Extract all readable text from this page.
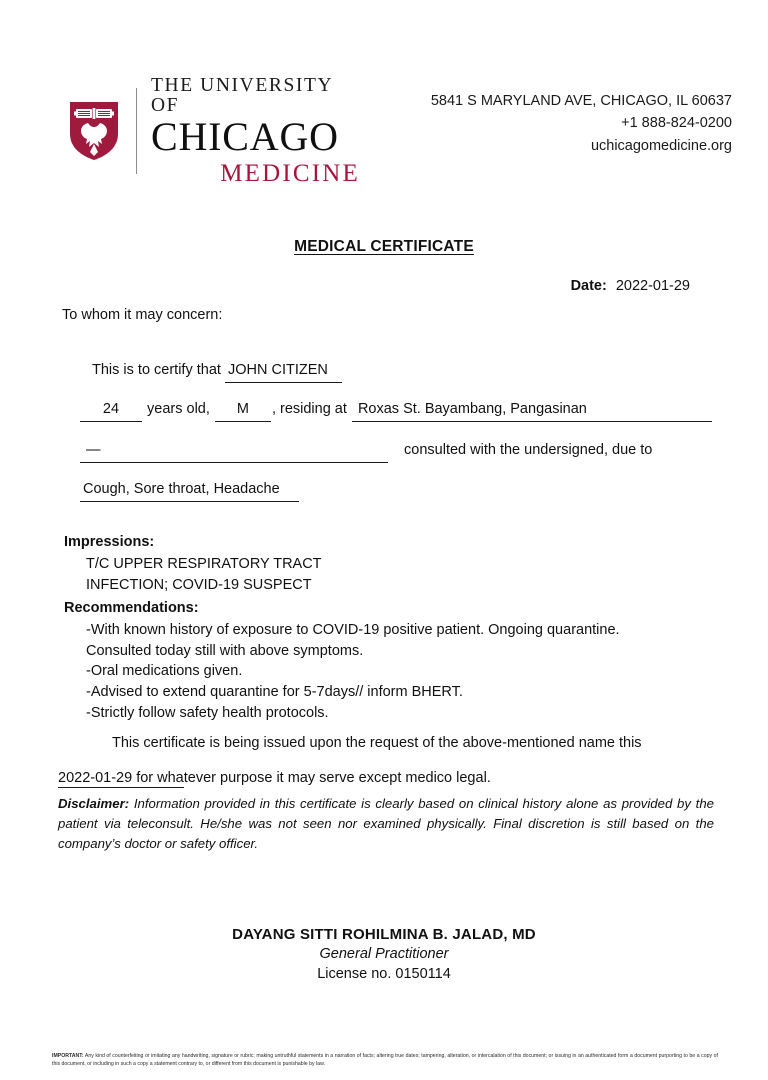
THE UNIVERSITY OF
CHICAGO
MEDICINE
5841 S MARYLAND AVE, CHICAGO, IL 60637
+1 888-824-0200
uchicagomedicine.org
MEDICAL CERTIFICATE
Date: 2022-01-29
To whom it may concern:
This is to certify that JOHN CITIZEN
24 years old, M , residing at Roxas St. Bayambang, Pangasinan
—	consulted with the undersigned, due to
Cough, Sore throat, Headache
Impressions:
T/C UPPER RESPIRATORY TRACT
INFECTION; COVID-19 SUSPECT
Recommendations:
-With known history of exposure to COVID-19 positive patient. Ongoing quarantine.
Consulted today still with above symptoms.
-Oral medications given.
-Advised to extend quarantine for 5-7days// inform BHERT.
-Strictly follow safety health protocols.
This certificate is being issued upon the request of the above-mentioned name this
2022-01-29 for whatever purpose it may serve except medico legal.
Disclaimer: Information provided in this certificate is clearly based on clinical history alone as provided by the patient via teleconsult. He/she was not seen nor examined physically. Final discretion is still based on the company’s doctor or safety officer.
DAYANG SITTI ROHILMINA B. JALAD, MD
General Practitioner
License no. 0150114
IMPORTANT: Any kind of counterfeiting or imitating any handwriting, signature or rubric; making untruthful statements in a narration of facts; altering true dates; tampering, alteration, or intercalation of this document; or issuing in an authenticated form a document purporting to be a copy of this document, or including in such a copy a statement contrary to, or different from this document is punishable by law.
